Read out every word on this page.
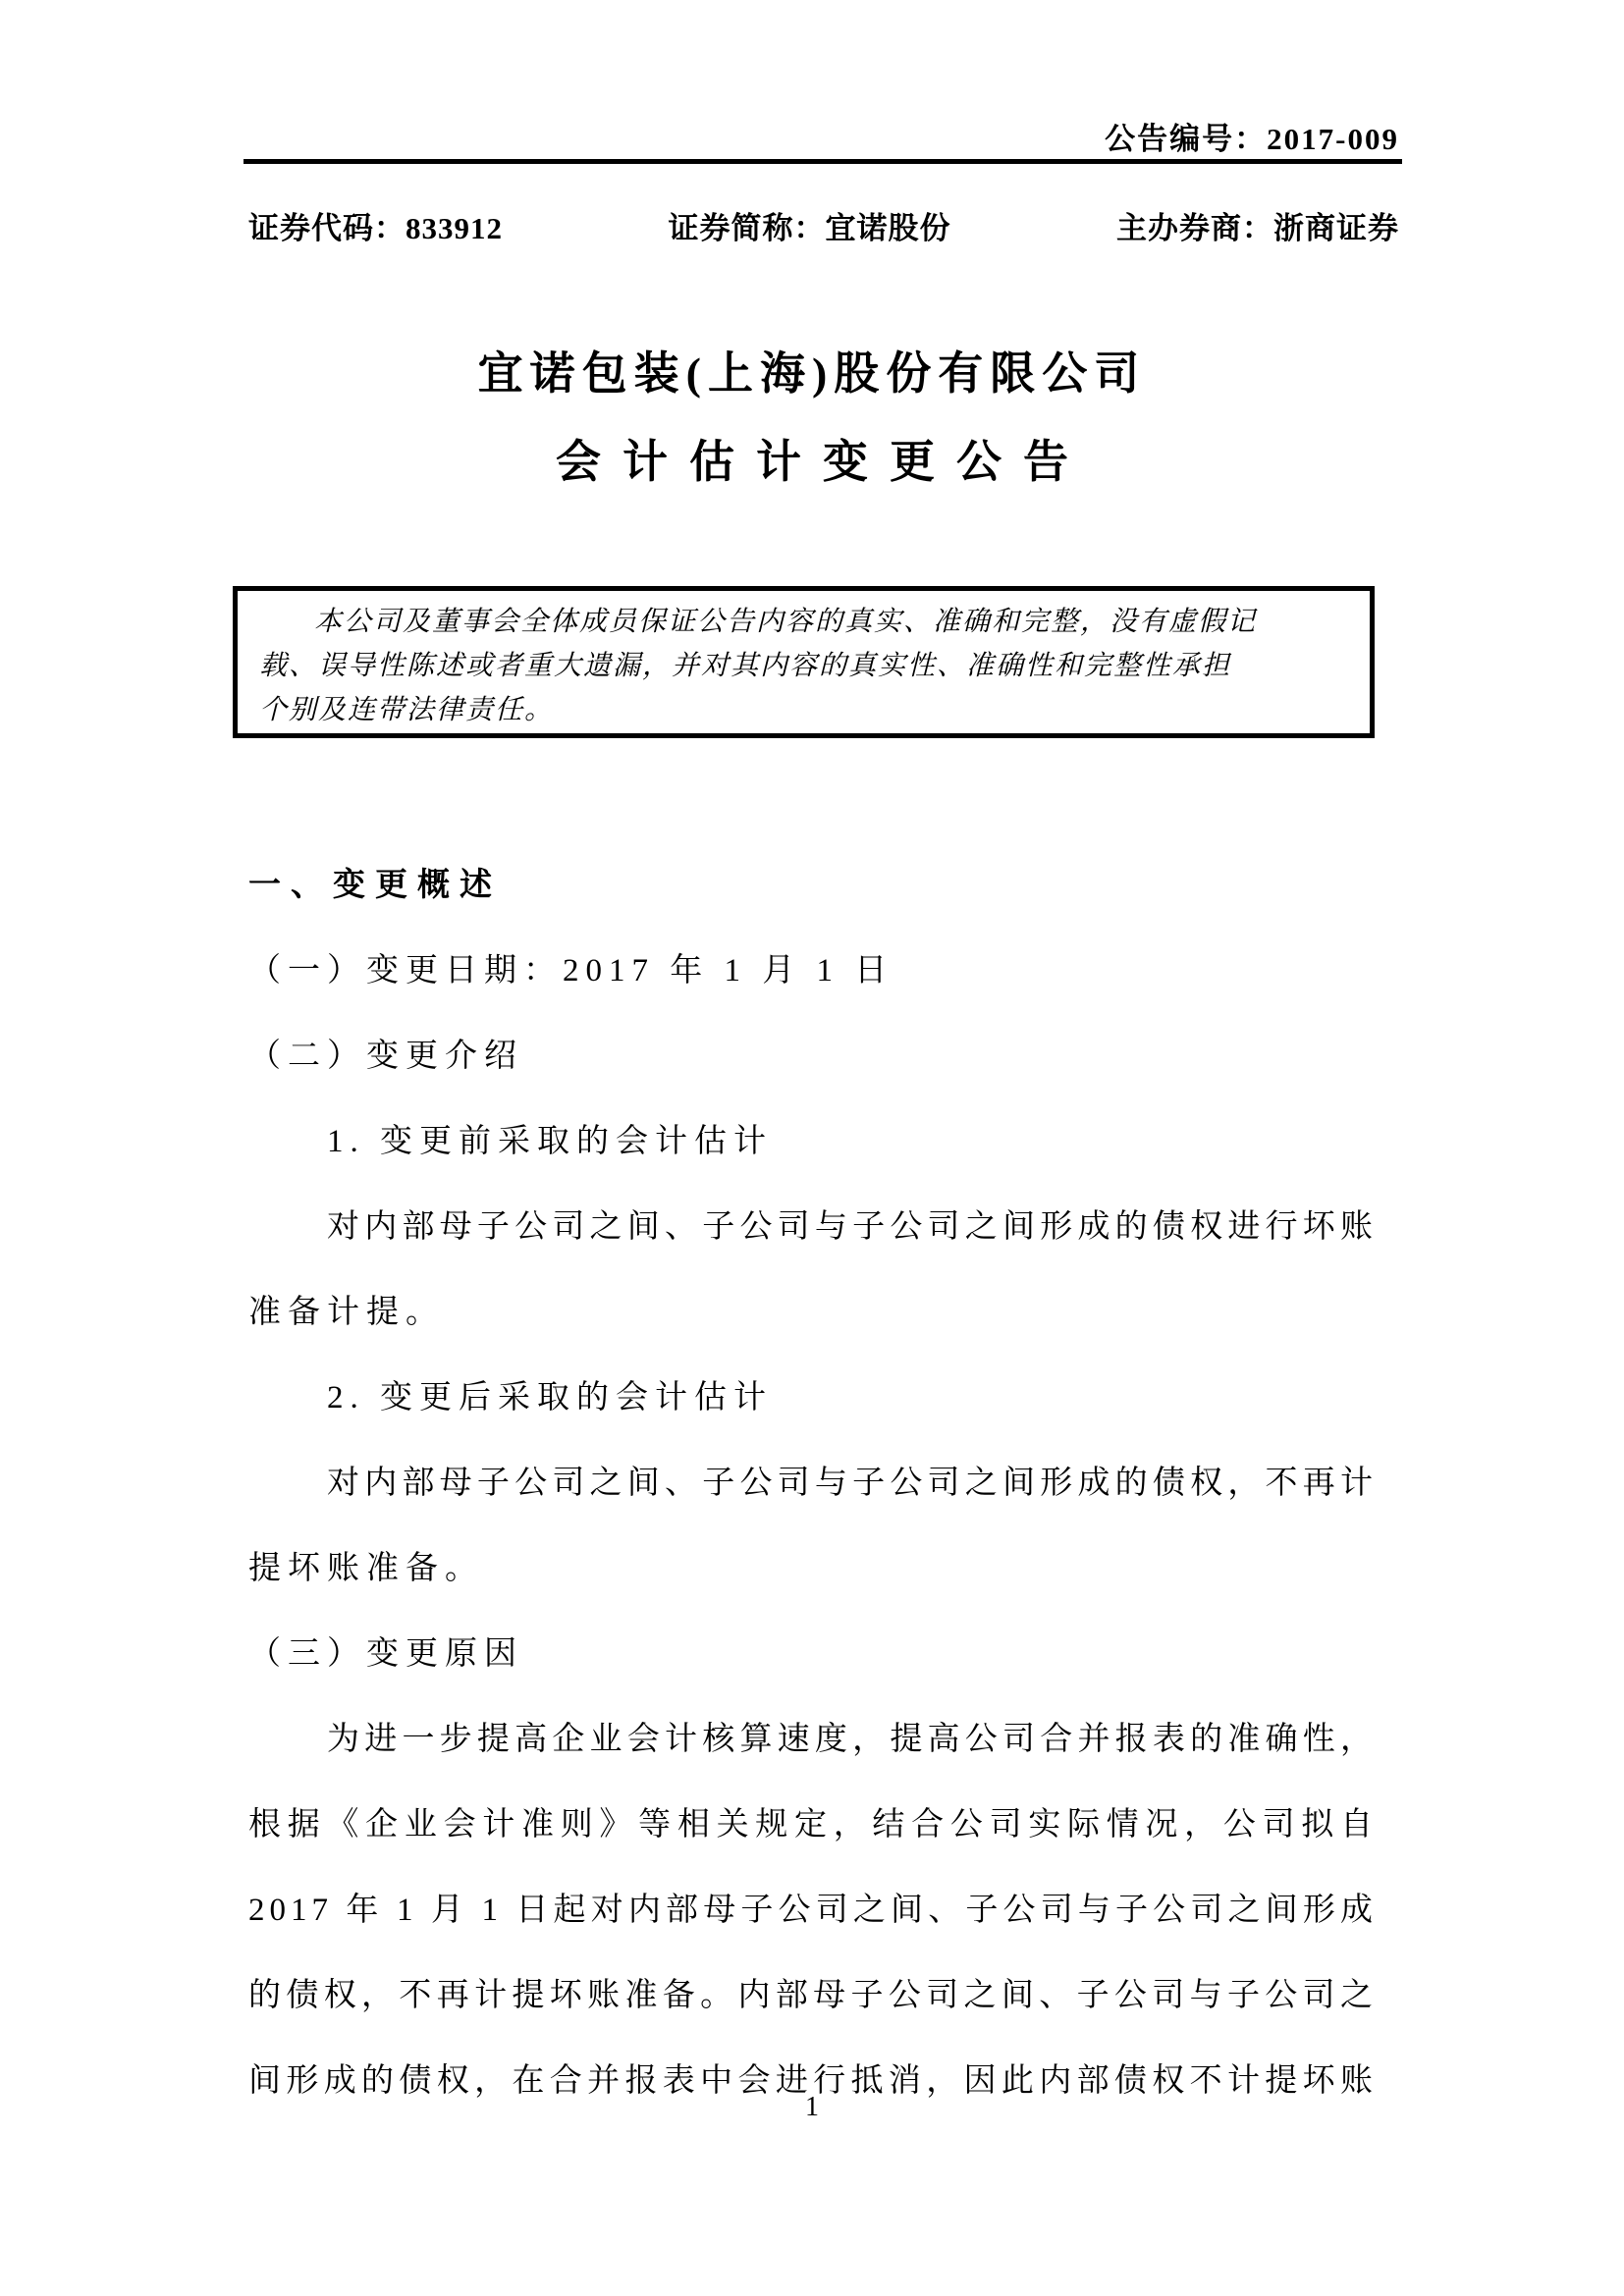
公告编号：2017-009
证券代码：833912	证券简称：宜诺股份	主办券商：浙商证券
宜诺包装(上海)股份有限公司
会计估计变更公告
本公司及董事会全体成员保证公告内容的真实、准确和完整，没有虚假记
载、误导性陈述或者重大遗漏，并对其内容的真实性、准确性和完整性承担
个别及连带法律责任。
一、变更概述
（一）变更日期：2017 年 1 月 1 日
（二）变更介绍
1. 变更前采取的会计估计
对内部母子公司之间、子公司与子公司之间形成的债权进行坏账
准备计提。
2. 变更后采取的会计估计
对内部母子公司之间、子公司与子公司之间形成的债权，不再计
提坏账准备。
（三）变更原因
为进一步提高企业会计核算速度，提高公司合并报表的准确性，
根据《企业会计准则》等相关规定，结合公司实际情况，公司拟自
2017 年 1 月 1 日起对内部母子公司之间、子公司与子公司之间形成
的债权，不再计提坏账准备。内部母子公司之间、子公司与子公司之
间形成的债权，在合并报表中会进行抵消，因此内部债权不计提坏账
1
